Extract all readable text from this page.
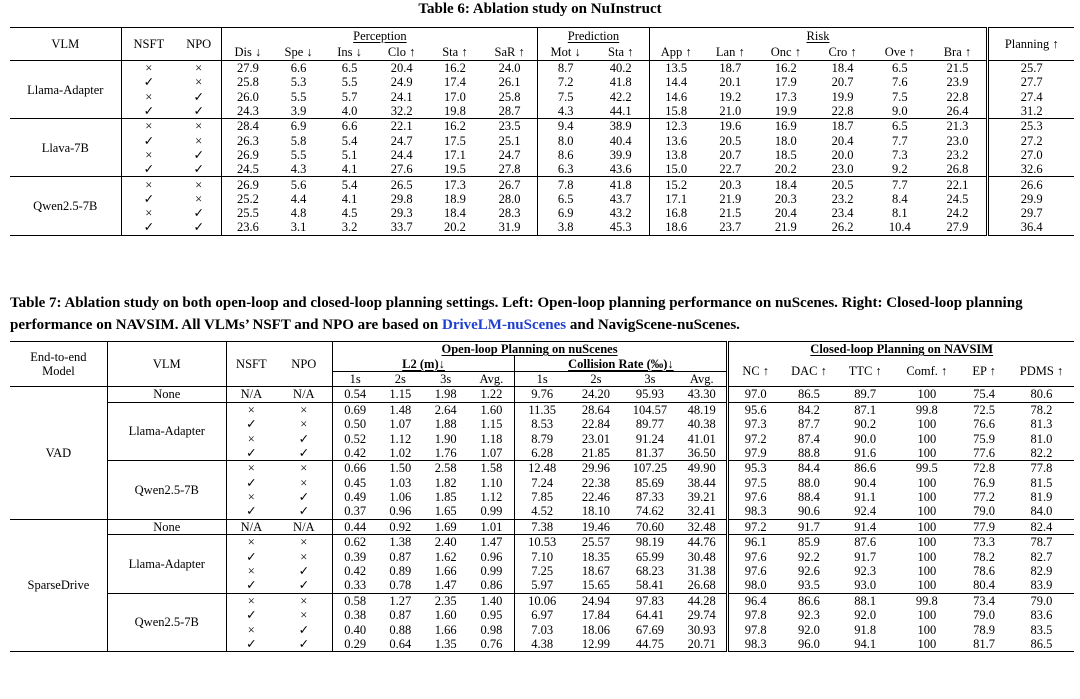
Table 6: Ablation study on NuInstruct
VLM	NSFT	NPO	Perception						Prediction		Risk						Planning ↑
			Dis ↓	Spe ↓	Ins ↓	Clo ↑	Sta ↑	SaR ↑	Mot ↓	Sta ↑	App ↑	Lan ↑	Onc ↑	Cro ↑	Ove ↑	Bra ↑	
Llama-Adapter	×	×	27.9	6.6	6.5	20.4	16.2	24.0	8.7	40.2	13.5	18.7	16.2	18.4	6.5	21.5	25.7
	✓	×	25.8	5.3	5.5	24.9	17.4	26.1	7.2	41.8	14.4	20.1	17.9	20.7	7.6	23.9	27.7
	×	✓	26.0	5.5	5.7	24.1	17.0	25.8	7.5	42.2	14.6	19.2	17.3	19.9	7.5	22.8	27.4
	✓	✓	24.3	3.9	4.0	32.2	19.8	28.7	4.3	44.1	15.8	21.0	19.9	22.8	9.0	26.4	31.2
Llava-7B	×	×	28.4	6.9	6.6	22.1	16.2	23.5	9.4	38.9	12.3	19.6	16.9	18.7	6.5	21.3	25.3
	✓	×	26.3	5.8	5.4	24.7	17.5	25.1	8.0	40.4	13.6	20.5	18.0	20.4	7.7	23.0	27.2
	×	✓	26.9	5.5	5.1	24.4	17.1	24.7	8.6	39.9	13.8	20.7	18.5	20.0	7.3	23.2	27.0
	✓	✓	24.5	4.3	4.1	27.6	19.5	27.8	6.3	43.6	15.0	22.7	20.2	23.0	9.2	26.8	32.6
Qwen2.5-7B	×	×	26.9	5.6	5.4	26.5	17.3	26.7	7.8	41.8	15.2	20.3	18.4	20.5	7.7	22.1	26.6
	✓	×	25.2	4.4	4.1	29.8	18.9	28.0	6.5	43.7	17.1	21.9	20.3	23.2	8.4	24.5	29.9
	×	✓	25.5	4.8	4.5	29.3	18.4	28.3	6.9	43.2	16.8	21.5	20.4	23.4	8.1	24.2	29.7
	✓	✓	23.6	3.1	3.2	33.7	20.2	31.9	3.8	45.3	18.6	23.7	21.9	26.2	10.4	27.9	36.4
Table 7: Ablation study on both open-loop and closed-loop planning settings. Left: Open-loop planning performance on nuScenes. Right: Closed-loop planning performance on NAVSIM. All VLMs’ NSFT and NPO are based on DriveLM-nuScenes and NavigScene-nuScenes.
End-to-end
Model	VLM	NSFT	NPO	Open-loop Planning on nuScenes								Closed-loop Planning on NAVSIM					
				L2 (m)↓				Collision Rate (‰)↓				NC ↑	DAC ↑	TTC ↑	Comf. ↑	EP ↑	PDMS ↑
				1s	2s	3s	Avg.	1s	2s	3s	Avg.						
VAD	None	N/A	N/A	0.54	1.15	1.98	1.22	9.76	24.20	95.93	43.30	97.0	86.5	89.7	100	75.4	80.6
	Llama-Adapter	×	×	0.69	1.48	2.64	1.60	11.35	28.64	104.57	48.19	95.6	84.2	87.1	99.8	72.5	78.2
		✓	×	0.50	1.07	1.88	1.15	8.53	22.84	89.77	40.38	97.3	87.7	90.2	100	76.6	81.3
		×	✓	0.52	1.12	1.90	1.18	8.79	23.01	91.24	41.01	97.2	87.4	90.0	100	75.9	81.0
		✓	✓	0.42	1.02	1.76	1.07	6.28	21.85	81.37	36.50	97.9	88.8	91.6	100	77.6	82.2
	Qwen2.5-7B	×	×	0.66	1.50	2.58	1.58	12.48	29.96	107.25	49.90	95.3	84.4	86.6	99.5	72.8	77.8
		✓	×	0.45	1.03	1.82	1.10	7.24	22.38	85.69	38.44	97.5	88.0	90.4	100	76.9	81.5
		×	✓	0.49	1.06	1.85	1.12	7.85	22.46	87.33	39.21	97.6	88.4	91.1	100	77.2	81.9
		✓	✓	0.37	0.96	1.65	0.99	4.52	18.10	74.62	32.41	98.3	90.6	92.4	100	79.0	84.0
SparseDrive	None	N/A	N/A	0.44	0.92	1.69	1.01	7.38	19.46	70.60	32.48	97.2	91.7	91.4	100	77.9	82.4
	Llama-Adapter	×	×	0.62	1.38	2.40	1.47	10.53	25.57	98.19	44.76	96.1	85.9	87.6	100	73.3	78.7
		✓	×	0.39	0.87	1.62	0.96	7.10	18.35	65.99	30.48	97.6	92.2	91.7	100	78.2	82.7
		×	✓	0.42	0.89	1.66	0.99	7.25	18.67	68.23	31.38	97.6	92.6	92.3	100	78.6	82.9
		✓	✓	0.33	0.78	1.47	0.86	5.97	15.65	58.41	26.68	98.0	93.5	93.0	100	80.4	83.9
	Qwen2.5-7B	×	×	0.58	1.27	2.35	1.40	10.06	24.94	97.83	44.28	96.4	86.6	88.1	99.8	73.4	79.0
		✓	×	0.38	0.87	1.60	0.95	6.97	17.84	64.41	29.74	97.8	92.3	92.0	100	79.0	83.6
		×	✓	0.40	0.88	1.66	0.98	7.03	18.06	67.69	30.93	97.8	92.0	91.8	100	78.9	83.5
		✓	✓	0.29	0.64	1.35	0.76	4.38	12.99	44.75	20.71	98.3	96.0	94.1	100	81.7	86.5
